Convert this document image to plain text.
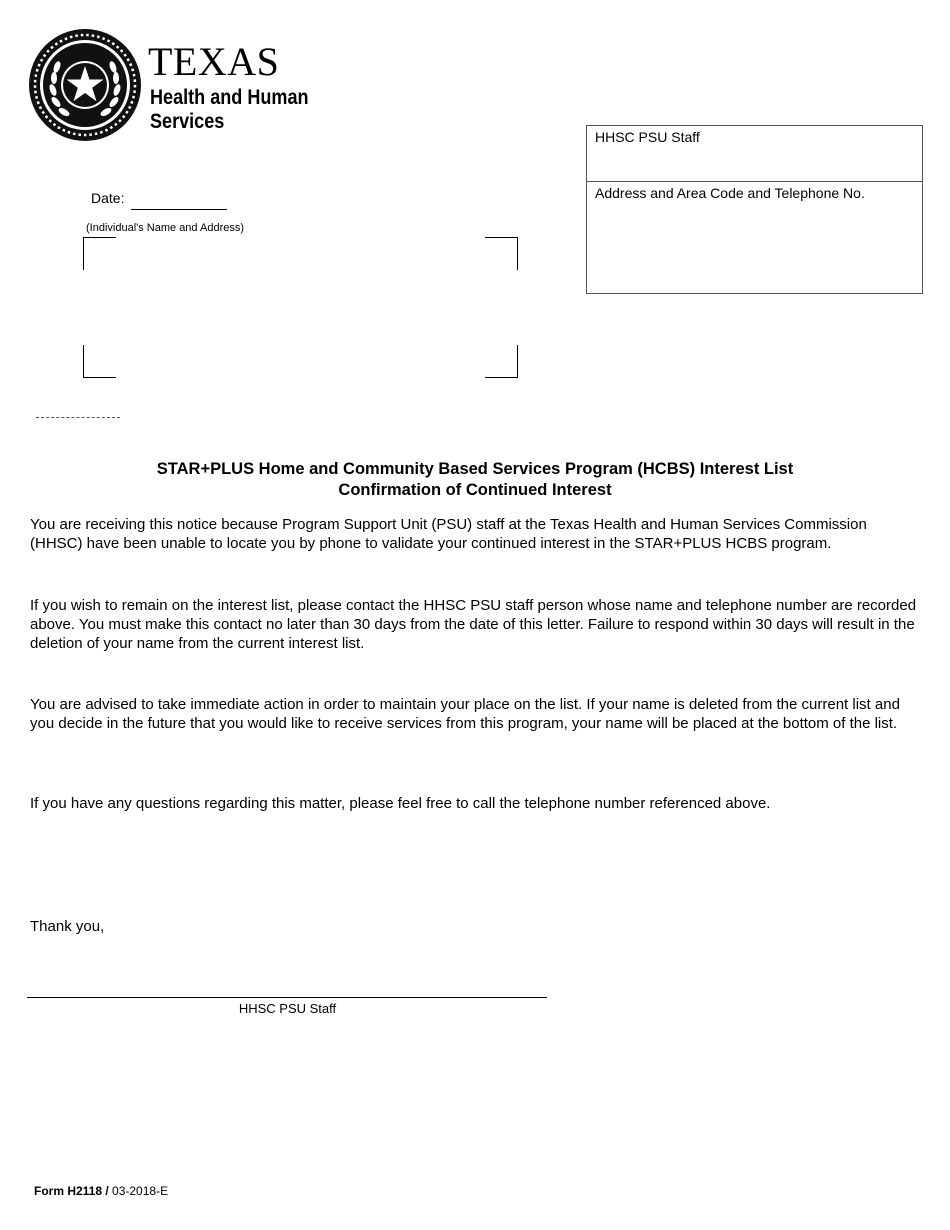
TEXAS
Health and Human
Services
Date:
(Individual's Name and Address)
HHSC PSU Staff
Address and Area Code and Telephone No.
STAR+PLUS Home and Community Based Services Program (HCBS) Interest List
Confirmation of Continued Interest
You are receiving this notice because Program Support Unit (PSU) staff at the Texas Health and Human Services Commission (HHSC) have been unable to locate you by phone to validate your continued interest in the STAR+PLUS HCBS program.
If you wish to remain on the interest list, please contact the HHSC PSU staff person whose name and telephone number are recorded above. You must make this contact no later than 30 days from the date of this letter. Failure to respond within 30 days will result in the deletion of your name from the current interest list.
You are advised to take immediate action in order to maintain your place on the list. If your name is deleted from the current list and you decide in the future that you would like to receive services from this program, your name will be placed at the bottom of the list.
If you have any questions regarding this matter, please feel free to call the telephone number referenced above.
Thank you,
HHSC PSU Staff
Form H2118 / 03-2018-E
